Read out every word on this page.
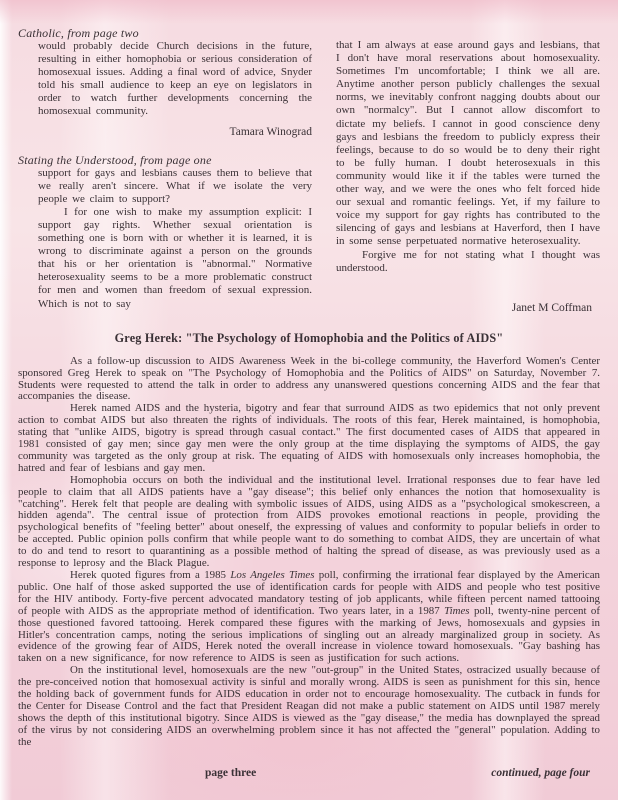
Catholic, from page two

would probably decide Church decisions in the future, resulting in either homophobia or serious consideration of homosexual issues. Adding a final word of advice, Snyder told his small audience to keep an eye on legislators in order to watch further developments concerning the homosexual community.

Tamara Winograd
Stating the Understood, from page one

support for gays and lesbians causes them to believe that we really aren't sincere. What if we isolate the very people we claim to support?

I for one wish to make my assumption explicit: I support gay rights. Whether sexual orientation is something one is born with or whether it is learned, it is wrong to discriminate against a person on the grounds that his or her orientation is "abnormal." Normative heterosexuality seems to be a more problematic construct for men and women than freedom of sexual expression. Which is not to say

that I am always at ease around gays and lesbians, that I don't have moral reservations about homosexuality. Sometimes I'm uncomfortable; I think we all are. Anytime another person publicly challenges the sexual norms, we inevitably confront nagging doubts about our own "normalcy". But I cannot allow discomfort to dictate my beliefs. I cannot in good conscience deny gays and lesbians the freedom to publicly express their feelings, because to do so would be to deny their right to be fully human. I doubt heterosexuals in this community would like it if the tables were turned the other way, and we were the ones who felt forced hide our sexual and romantic feelings. Yet, if my failure to voice my support for gay rights has contributed to the silencing of gays and lesbians at Haverford, then I have in some sense perpetuated normative heterosexuality.

Forgive me for not stating what I thought was understood.

Janet M Coffman
Greg Herek: "The Psychology of Homophobia and the Politics of AIDS"

As a follow-up discussion to AIDS Awareness Week in the bi-college community, the Haverford Women's Center sponsored Greg Herek to speak on "The Psychology of Homophobia and the Politics of AIDS" on Saturday, November 7. Students were requested to attend the talk in order to address any unanswered questions concerning AIDS and the fear that accompanies the disease.

Herek named AIDS and the hysteria, bigotry and fear that surround AIDS as two epidemics that not only prevent action to combat AIDS but also threaten the rights of individuals. The roots of this fear, Herek maintained, is homophobia, stating that "unlike AIDS, bigotry is spread through casual contact." The first documented cases of AIDS that appeared in 1981 consisted of gay men; since gay men were the only group at the time displaying the symptoms of AIDS, the gay community was targeted as the only group at risk. The equating of AIDS with homosexuals only increases homophobia, the hatred and fear of lesbians and gay men.

Homophobia occurs on both the individual and the institutional level. Irrational responses due to fear have led people to claim that all AIDS patients have a "gay disease"; this belief only enhances the notion that homosexuality is "catching". Herek felt that people are dealing with symbolic issues of AIDS, using AIDS as a "psychological smokescreen, a hidden agenda". The central issue of protection from AIDS provokes emotional reactions in people, providing the psychological benefits of "feeling better" about oneself, the expressing of values and conformity to popular beliefs in order to be accepted. Public opinion polls confirm that while people want to do something to combat AIDS, they are uncertain of what to do and tend to resort to quarantining as a possible method of halting the spread of disease, as was previously used as a response to leprosy and the Black Plague.

Herek quoted figures from a 1985 Los Angeles Times poll, confirming the irrational fear displayed by the American public. One half of those asked supported the use of identification cards for people with AIDS and people who test positive for the HIV antibody. Forty-five percent advocated mandatory testing of job applicants, while fifteen percent named tattooing of people with AIDS as the appropriate method of identification. Two years later, in a 1987 Times poll, twenty-nine percent of those questioned favored tattooing. Herek compared these figures with the marking of Jews, homosexuals and gypsies in Hitler's concentration camps, noting the serious implications of singling out an already marginalized group in society. As evidence of the growing fear of AIDS, Herek noted the overall increase in violence toward homosexuals. "Gay bashing has taken on a new significance, for now reference to AIDS is seen as justification for such actions.

On the institutional level, homosexuals are the new "out-group" in the United States, ostracized usually because of the pre-conceived notion that homosexual activity is sinful and morally wrong. AIDS is seen as punishment for this sin, hence the holding back of government funds for AIDS education in order not to encourage homosexuality. The cutback in funds for the Center for Disease Control and the fact that President Reagan did not make a public statement on AIDS until 1987 merely shows the depth of this institutional bigotry. Since AIDS is viewed as the "gay disease," the media has downplayed the spread of the virus by not considering AIDS an overwhelming problem since it has not affected the "general" population. Adding to the

page three	continued, page four
